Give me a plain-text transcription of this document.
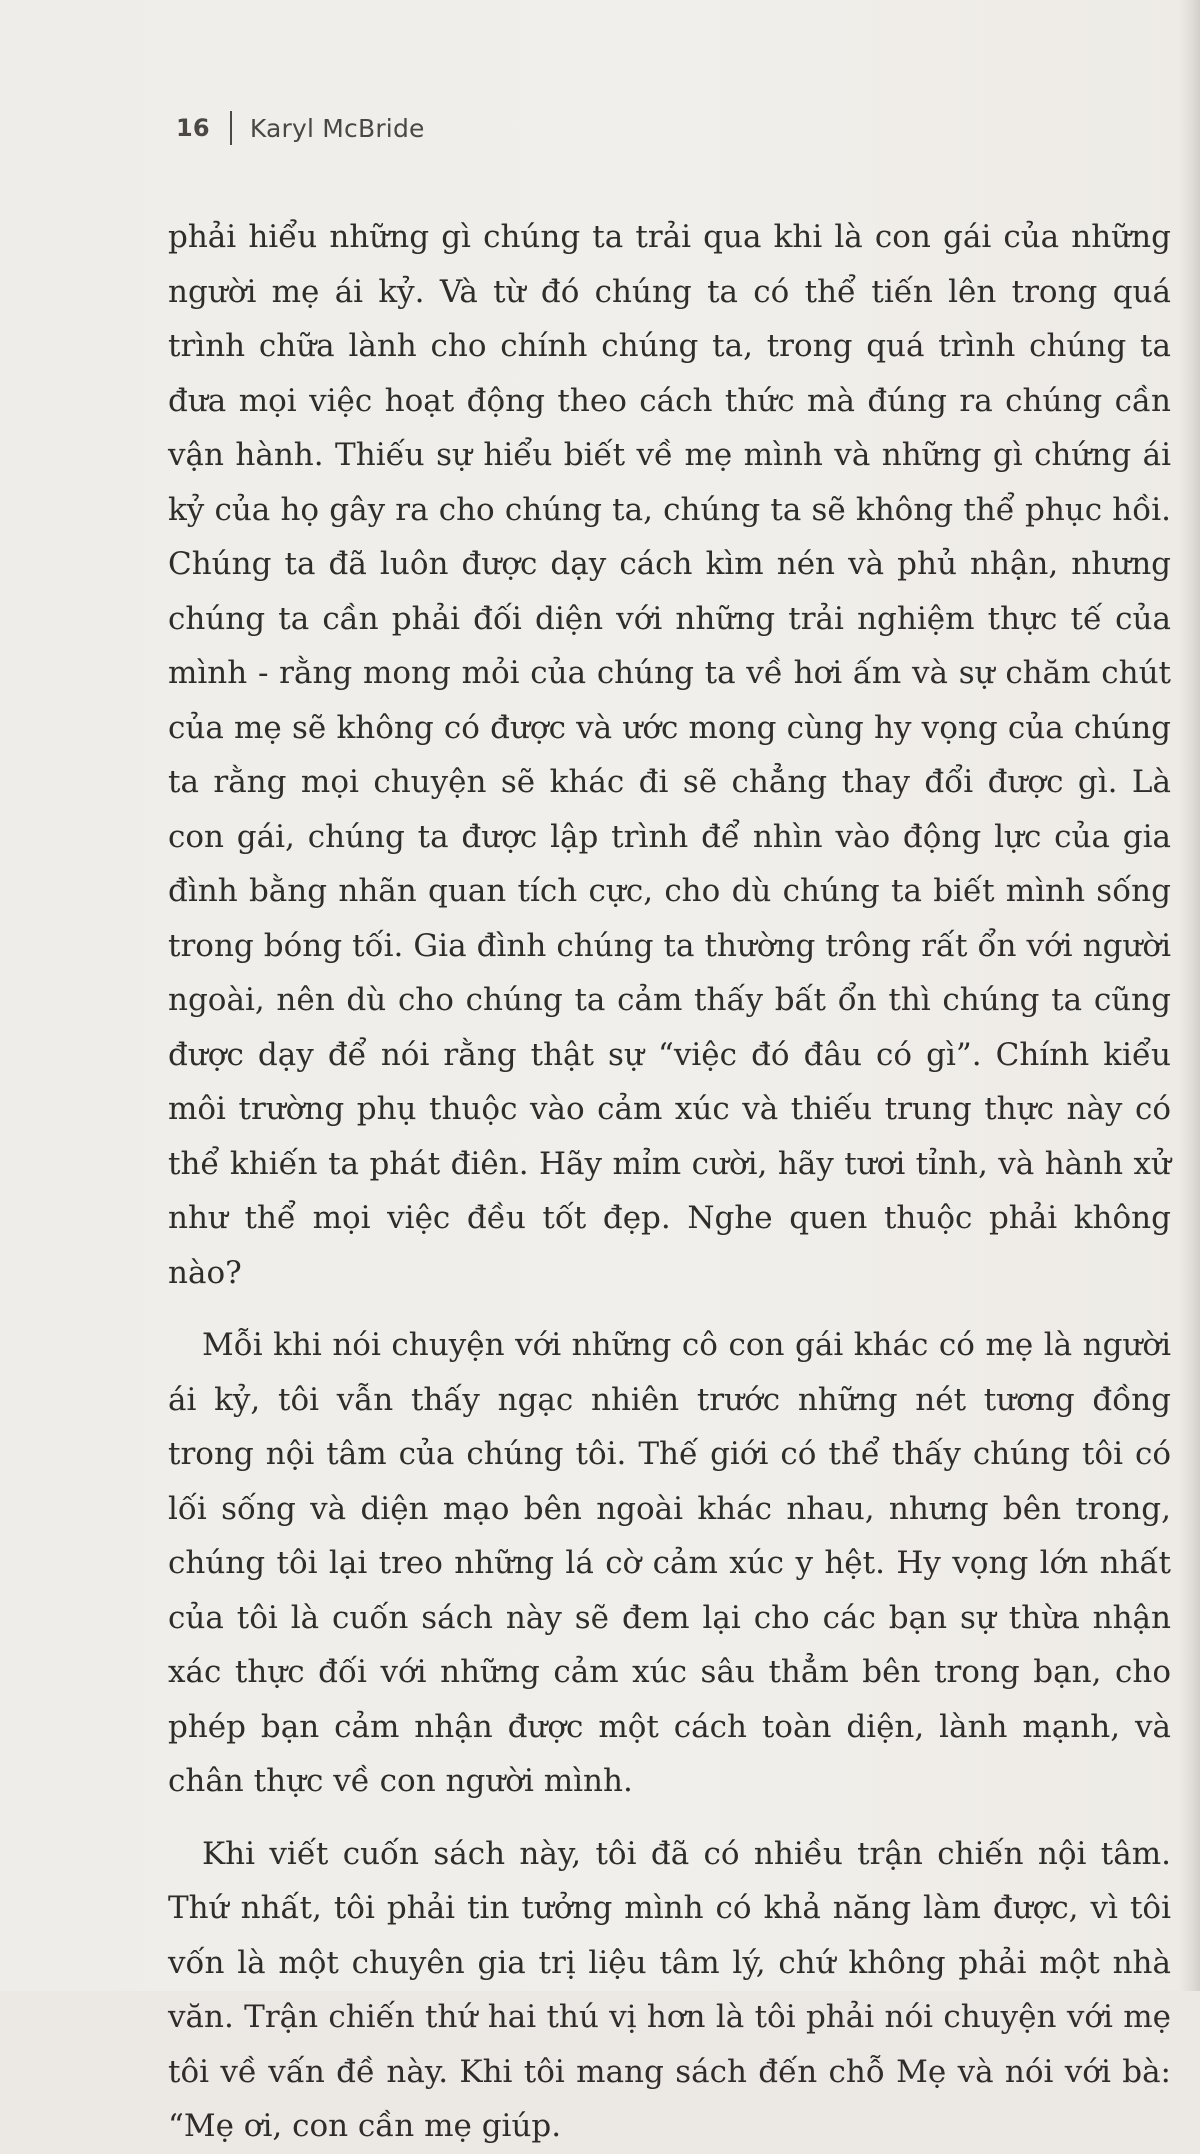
16 Karyl McBride

phải hiểu những gì chúng ta trải qua khi là con gái của những người mẹ ái kỷ. Và từ đó chúng ta có thể tiến lên trong quá trình chữa lành cho chính chúng ta, trong quá trình chúng ta đưa mọi việc hoạt động theo cách thức mà đúng ra chúng cần vận hành. Thiếu sự hiểu biết về mẹ mình và những gì chứng ái kỷ của họ gây ra cho chúng ta, chúng ta sẽ không thể phục hồi. Chúng ta đã luôn được dạy cách kìm nén và phủ nhận, nhưng chúng ta cần phải đối diện với những trải nghiệm thực tế của mình - rằng mong mỏi của chúng ta về hơi ấm và sự chăm chút của mẹ sẽ không có được và ước mong cùng hy vọng của chúng ta rằng mọi chuyện sẽ khác đi sẽ chẳng thay đổi được gì. Là con gái, chúng ta được lập trình để nhìn vào động lực của gia đình bằng nhãn quan tích cực, cho dù chúng ta biết mình sống trong bóng tối. Gia đình chúng ta thường trông rất ổn với người ngoài, nên dù cho chúng ta cảm thấy bất ổn thì chúng ta cũng được dạy để nói rằng thật sự “việc đó đâu có gì”. Chính kiểu môi trường phụ thuộc vào cảm xúc và thiếu trung thực này có thể khiến ta phát điên. Hãy mỉm cười, hãy tươi tỉnh, và hành xử như thể mọi việc đều tốt đẹp. Nghe quen thuộc phải không nào?

Mỗi khi nói chuyện với những cô con gái khác có mẹ là người ái kỷ, tôi vẫn thấy ngạc nhiên trước những nét tương đồng trong nội tâm của chúng tôi. Thế giới có thể thấy chúng tôi có lối sống và diện mạo bên ngoài khác nhau, nhưng bên trong, chúng tôi lại treo những lá cờ cảm xúc y hệt. Hy vọng lớn nhất của tôi là cuốn sách này sẽ đem lại cho các bạn sự thừa nhận xác thực đối với những cảm xúc sâu thẳm bên trong bạn, cho phép bạn cảm nhận được một cách toàn diện, lành mạnh, và chân thực về con người mình.

Khi viết cuốn sách này, tôi đã có nhiều trận chiến nội tâm. Thứ nhất, tôi phải tin tưởng mình có khả năng làm được, vì tôi vốn là một chuyên gia trị liệu tâm lý, chứ không phải một nhà văn. Trận chiến thứ hai thú vị hơn là tôi phải nói chuyện với mẹ tôi về vấn đề này. Khi tôi mang sách đến chỗ Mẹ và nói với bà: “Mẹ ơi, con cần mẹ giúp.
